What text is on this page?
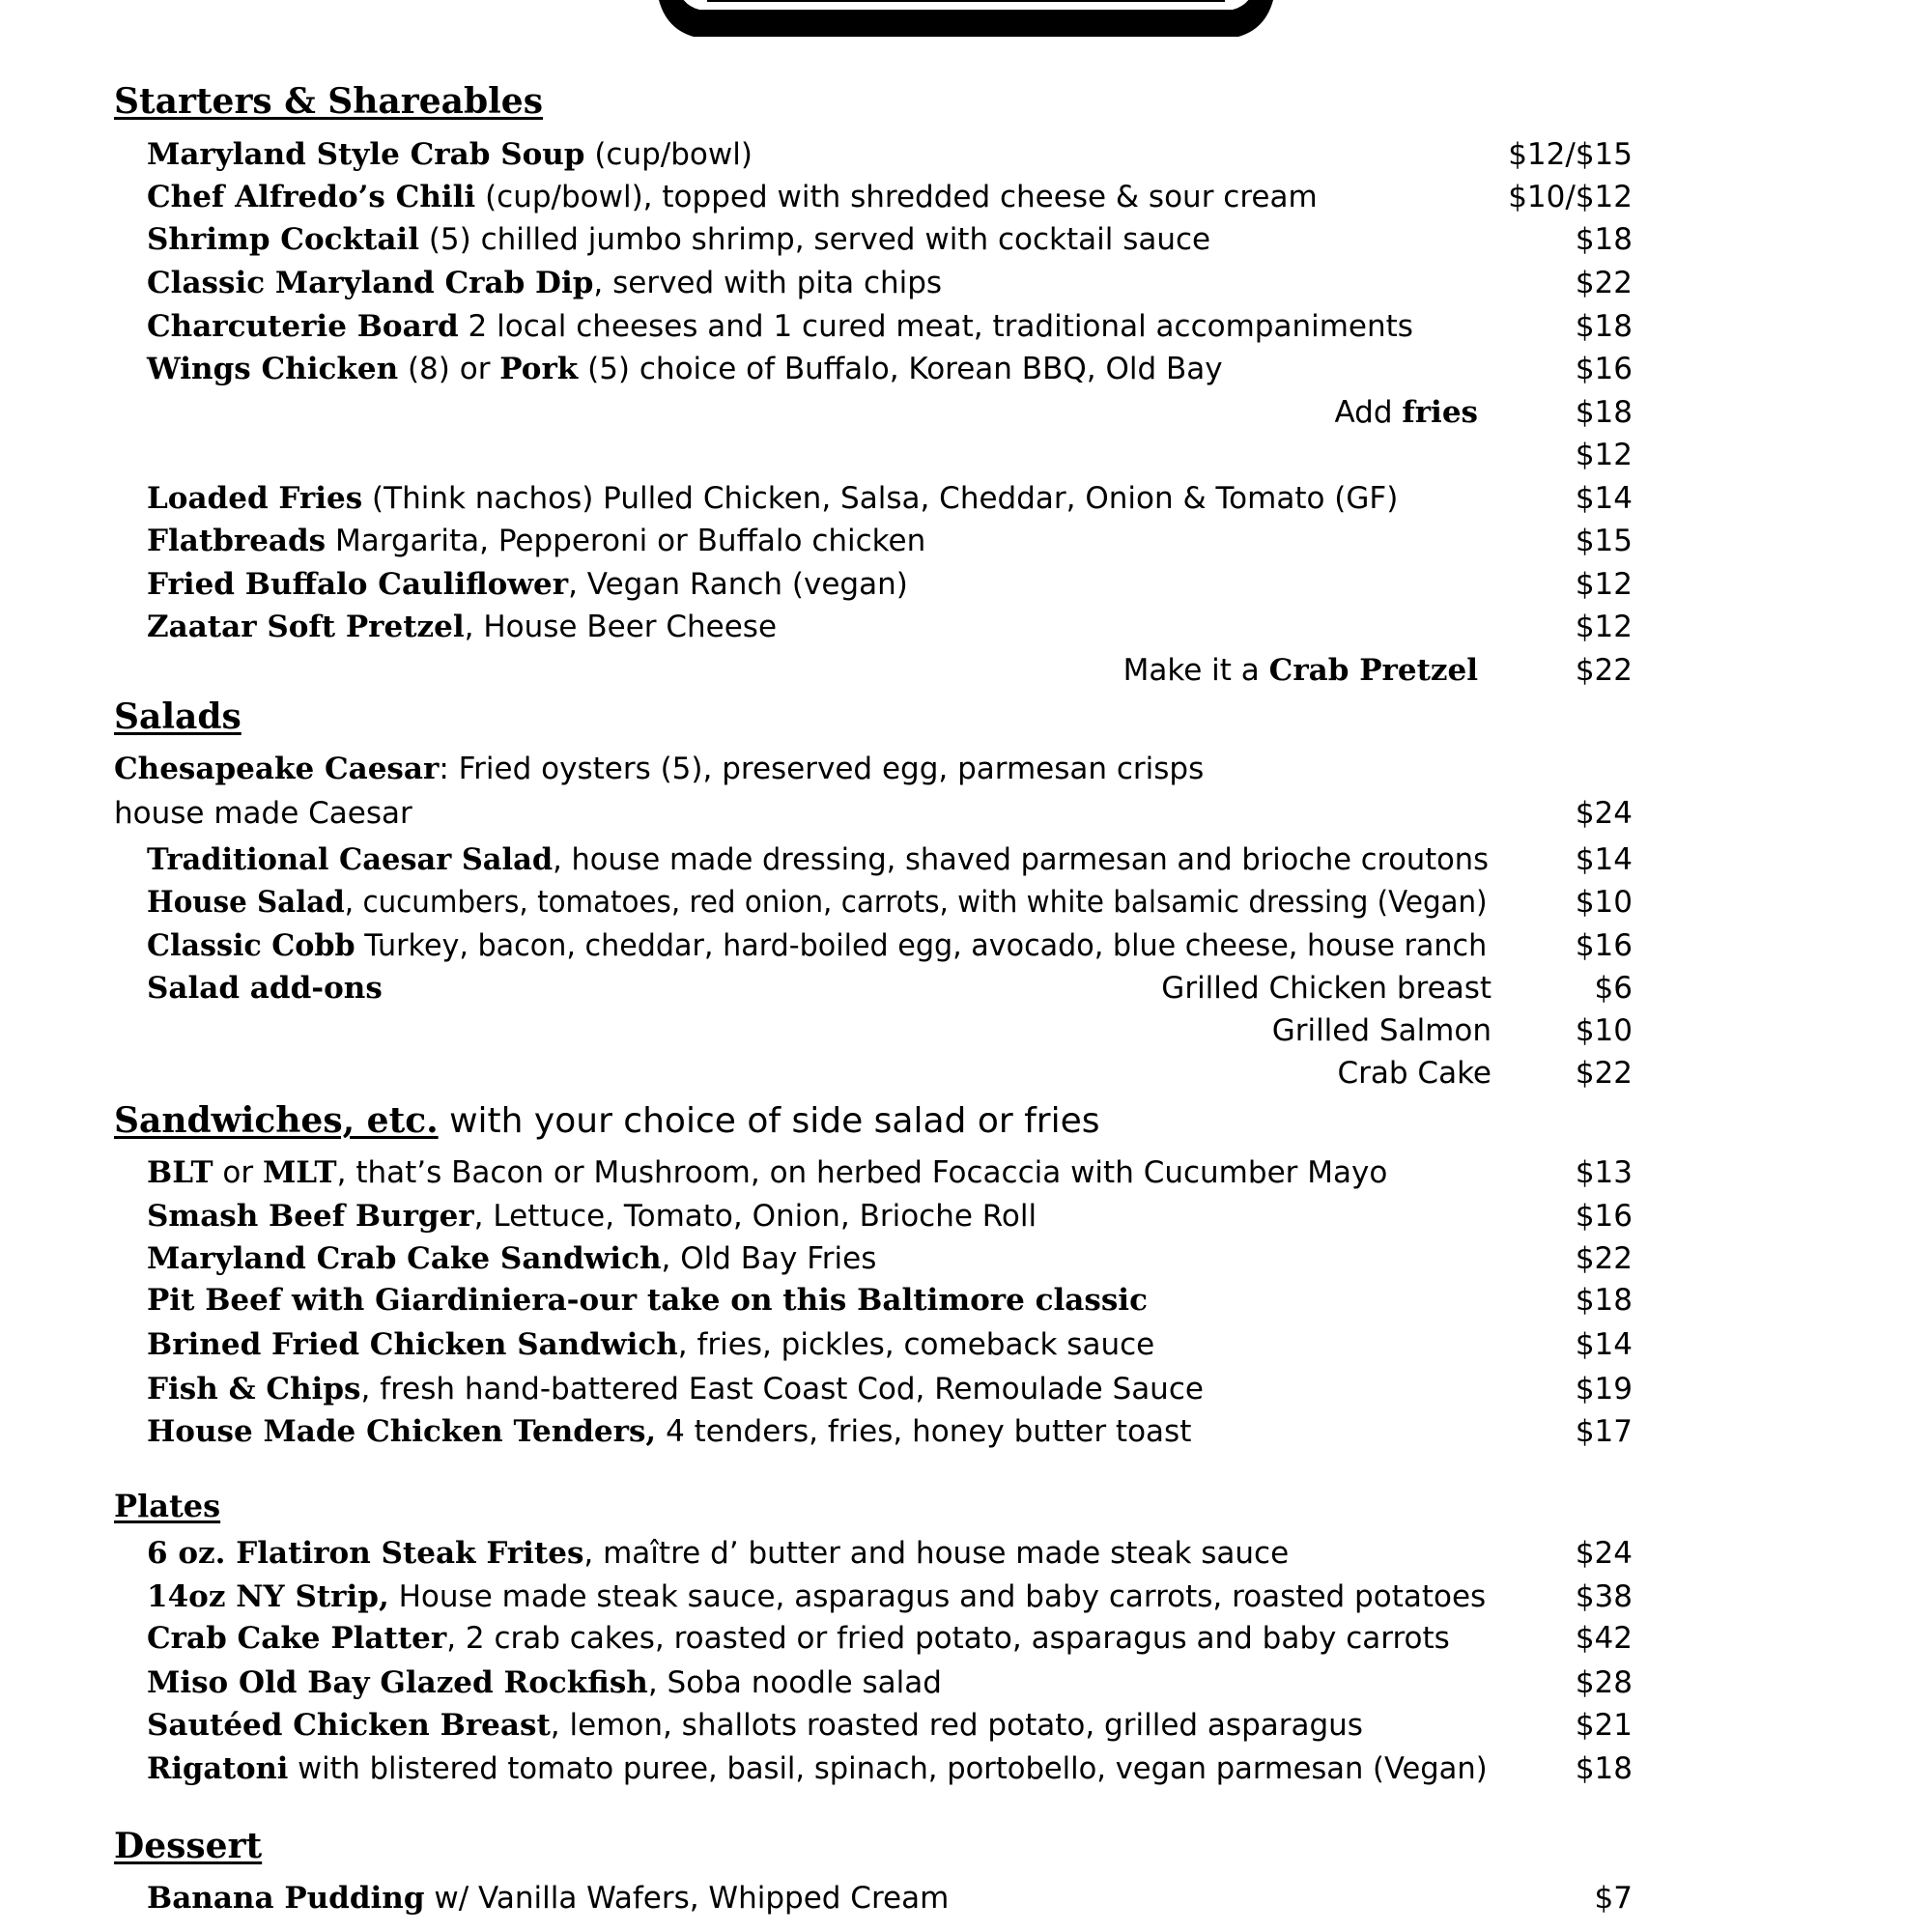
Starters & Shareables
Maryland Style Crab Soup (cup/bowl)	$12/$15
Chef Alfredo’s Chili (cup/bowl), topped with shredded cheese & sour cream	$10/$12
Shrimp Cocktail (5) chilled jumbo shrimp, served with cocktail sauce	$18
Classic Maryland Crab Dip, served with pita chips	$22
Charcuterie Board 2 local cheeses and 1 cured meat, traditional accompaniments	$18
Wings Chicken (8) or Pork (5) choice of Buffalo, Korean BBQ, Old Bay	$16
Add fries	$18
$12
Loaded Fries (Think nachos) Pulled Chicken, Salsa, Cheddar, Onion & Tomato (GF)	$14
Flatbreads Margarita, Pepperoni or Buffalo chicken	$15
Fried Buffalo Cauliflower, Vegan Ranch (vegan)	$12
Zaatar Soft Pretzel, House Beer Cheese	$12
Make it a Crab Pretzel	$22
Salads
Chesapeake Caesar: Fried oysters (5), preserved egg, parmesan crisps
house made Caesar	$24
Traditional Caesar Salad, house made dressing, shaved parmesan and brioche croutons	$14
House Salad, cucumbers, tomatoes, red onion, carrots, with white balsamic dressing (Vegan)	$10
Classic Cobb Turkey, bacon, cheddar, hard-boiled egg, avocado, blue cheese, house ranch	$16
Salad add-ons	Grilled Chicken breast	$6
Grilled Salmon	$10
Crab Cake	$22
Sandwiches, etc. with your choice of side salad or fries
BLT or MLT, that’s Bacon or Mushroom, on herbed Focaccia with Cucumber Mayo	$13
Smash Beef Burger, Lettuce, Tomato, Onion, Brioche Roll	$16
Maryland Crab Cake Sandwich, Old Bay Fries	$22
Pit Beef with Giardiniera-our take on this Baltimore classic	$18
Brined Fried Chicken Sandwich, fries, pickles, comeback sauce	$14
Fish & Chips, fresh hand-battered East Coast Cod, Remoulade Sauce	$19
House Made Chicken Tenders, 4 tenders, fries, honey butter toast	$17
Plates
6 oz. Flatiron Steak Frites, maître d’ butter and house made steak sauce	$24
14oz NY Strip, House made steak sauce, asparagus and baby carrots, roasted potatoes	$38
Crab Cake Platter, 2 crab cakes, roasted or fried potato, asparagus and baby carrots	$42
Miso Old Bay Glazed Rockfish, Soba noodle salad	$28
Sautéed Chicken Breast, lemon, shallots roasted red potato, grilled asparagus	$21
Rigatoni with blistered tomato puree, basil, spinach, portobello, vegan parmesan (Vegan)	$18
Dessert
Banana Pudding w/ Vanilla Wafers, Whipped Cream	$7
